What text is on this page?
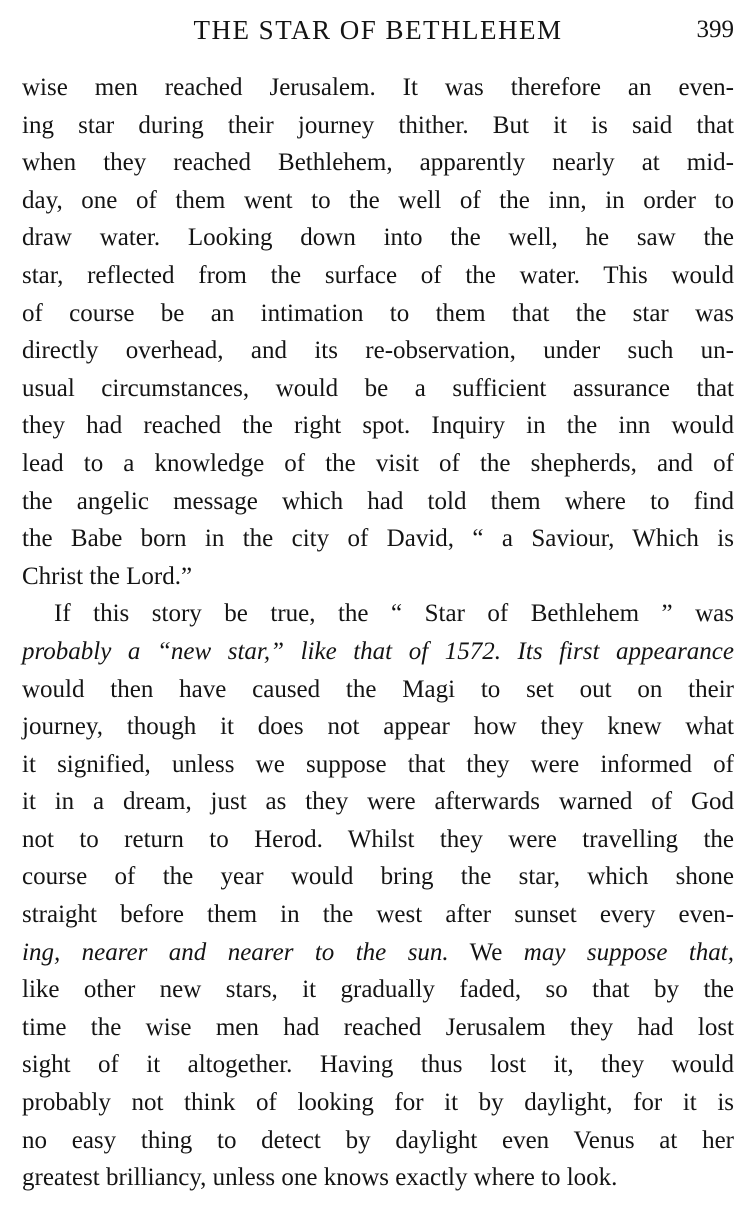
THE STAR OF BETHLEHEM	399
wise men reached Jerusalem. It was therefore an even-
ing star during their journey thither. But it is said that
when they reached Bethlehem, apparently nearly at mid-
day, one of them went to the well of the inn, in order to
draw water. Looking down into the well, he saw the
star, reflected from the surface of the water. This would
of course be an intimation to them that the star was
directly overhead, and its re-observation, under such un-
usual circumstances, would be a sufficient assurance that
they had reached the right spot. Inquiry in the inn would
lead to a knowledge of the visit of the shepherds, and of
the angelic message which had told them where to find
the Babe born in the city of David, “ a Saviour, Which is
Christ the Lord.”
If this story be true, the “ Star of Bethlehem ” was
probably a “new star,” like that of 1572. Its first appearance
would then have caused the Magi to set out on their
journey, though it does not appear how they knew what
it signified, unless we suppose that they were informed of
it in a dream, just as they were afterwards warned of God
not to return to Herod. Whilst they were travelling the
course of the year would bring the star, which shone
straight before them in the west after sunset every even-
ing, nearer and nearer to the sun. We may suppose that,
like other new stars, it gradually faded, so that by the
time the wise men had reached Jerusalem they had lost
sight of it altogether. Having thus lost it, they would
probably not think of looking for it by daylight, for it is
no easy thing to detect by daylight even Venus at her
greatest brilliancy, unless one knows exactly where to look.
